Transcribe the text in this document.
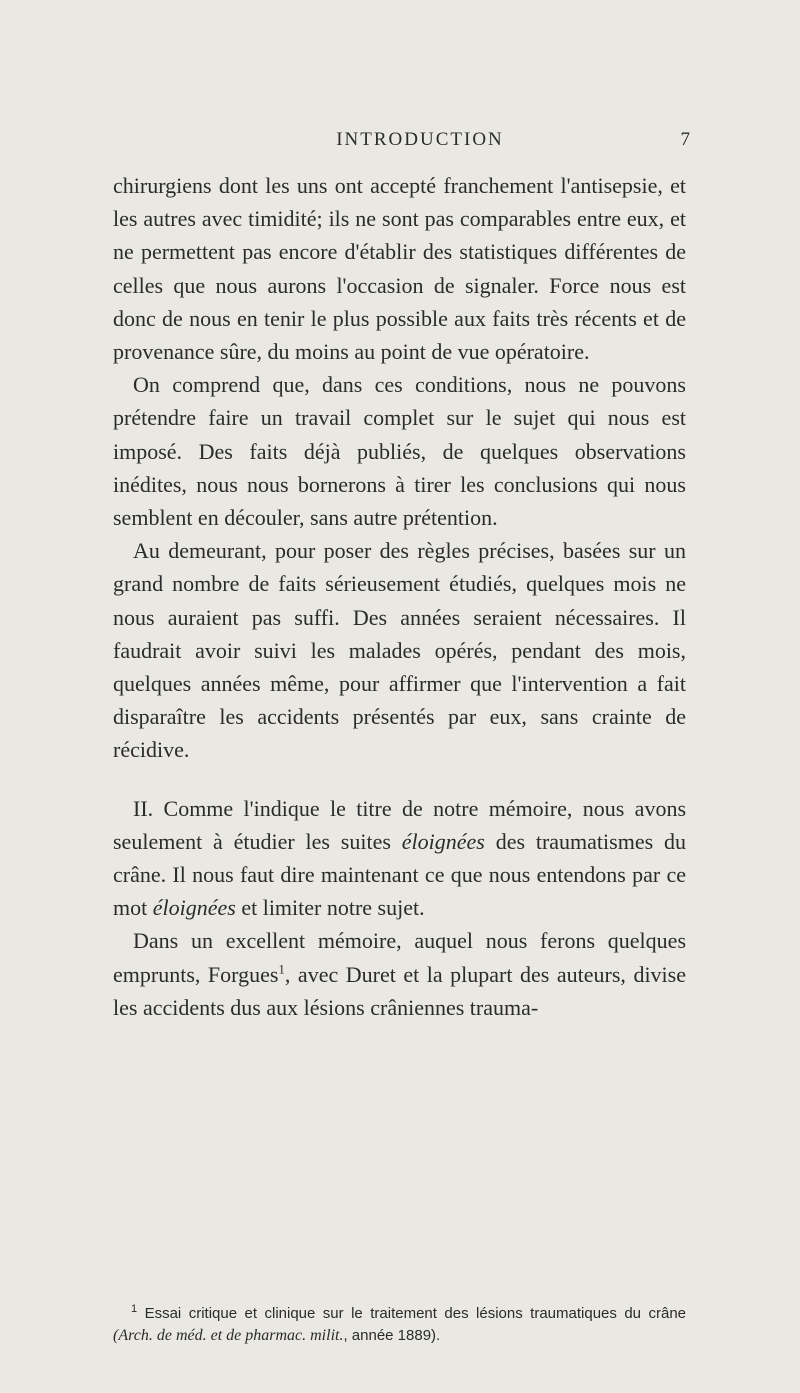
INTRODUCTION	7

chirurgiens dont les uns ont accepté franchement l'antisepsie, et les autres avec timidité; ils ne sont pas comparables entre eux, et ne permettent pas encore d'établir des statistiques différentes de celles que nous aurons l'occasion de signaler. Force nous est donc de nous en tenir le plus possible aux faits très récents et de provenance sûre, du moins au point de vue opératoire.

On comprend que, dans ces conditions, nous ne pouvons prétendre faire un travail complet sur le sujet qui nous est imposé. Des faits déjà publiés, de quelques observations inédites, nous nous bornerons à tirer les conclusions qui nous semblent en découler, sans autre prétention.

Au demeurant, pour poser des règles précises, basées sur un grand nombre de faits sérieusement étudiés, quelques mois ne nous auraient pas suffi. Des années seraient nécessaires. Il faudrait avoir suivi les malades opérés, pendant des mois, quelques années même, pour affirmer que l'intervention a fait disparaître les accidents présentés par eux, sans crainte de récidive.

II. Comme l'indique le titre de notre mémoire, nous avons seulement à étudier les suites éloignées des traumatismes du crâne. Il nous faut dire maintenant ce que nous entendons par ce mot éloignées et limiter notre sujet.

Dans un excellent mémoire, auquel nous ferons quelques emprunts, Forgues$^1$, avec Duret et la plupart des auteurs, divise les accidents dus aux lésions crâniennes trauma-

$^1$ Essai critique et clinique sur le traitement des lésions traumatiques du crâne (Arch. de méd. et de pharmac. milit., année 1889).
